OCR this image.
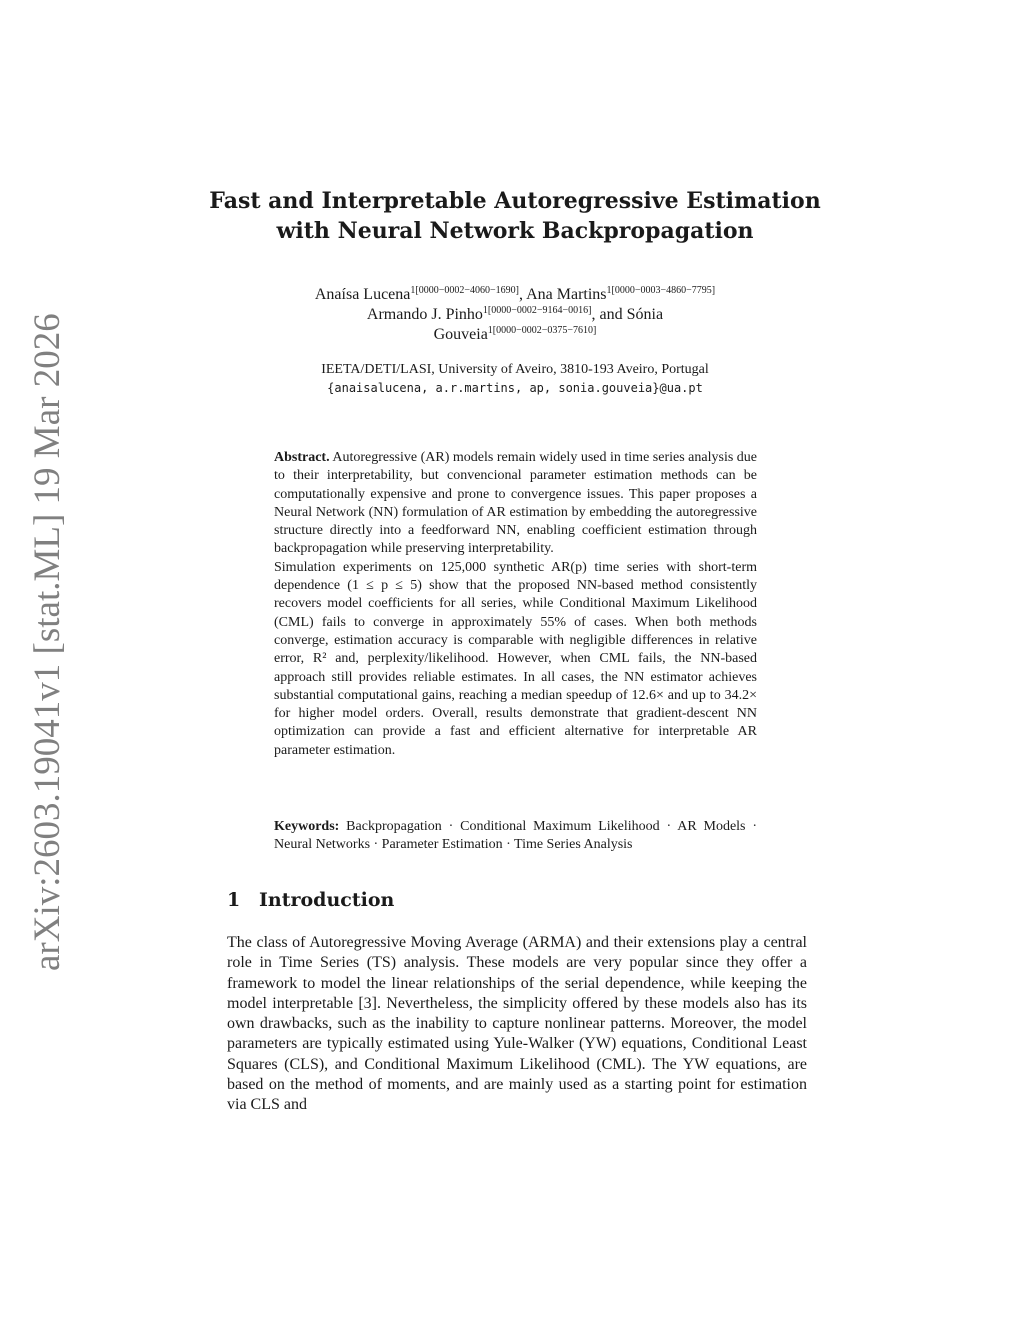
arXiv:2603.19041v1 [stat.ML] 19 Mar 2026
Fast and Interpretable Autoregressive Estimation
with Neural Network Backpropagation
Anaísa Lucena$^{1[0000-0002-4060-1690]}$, Ana Martins$^{1[0000-0003-4860-7795]}$
Armando J. Pinho$^{1[0000-0002-9164-0016]}$, and Sónia
Gouveia$^{1[0000-0002-0375-7610]}$
IEETA/DETI/LASI, University of Aveiro, 3810-193 Aveiro, Portugal
{anaisalucena, a.r.martins, ap, sonia.gouveia}@ua.pt

Abstract. Autoregressive (AR) models remain widely used in time series analysis due to their interpretability, but convencional parameter estimation methods can be computationally expensive and prone to convergence issues. This paper proposes a Neural Network (NN) formulation of AR estimation by embedding the autoregressive structure directly into a feedforward NN, enabling coefficient estimation through backpropagation while preserving interpretability.

Simulation experiments on 125,000 synthetic AR(p) time series with short-term dependence (1 ≤ p ≤ 5) show that the proposed NN-based method consistently recovers model coefficients for all series, while Conditional Maximum Likelihood (CML) fails to converge in approximately 55% of cases. When both methods converge, estimation accuracy is comparable with negligible differences in relative error, R² and, perplexity/likelihood. However, when CML fails, the NN-based approach still provides reliable estimates. In all cases, the NN estimator achieves substantial computational gains, reaching a median speedup of 12.6× and up to 34.2× for higher model orders. Overall, results demonstrate that gradient-descent NN optimization can provide a fast and efficient alternative for interpretable AR parameter estimation.

Keywords: Backpropagation · Conditional Maximum Likelihood · AR Models · Neural Networks · Parameter Estimation · Time Series Analysis
1 Introduction

The class of Autoregressive Moving Average (ARMA) and their extensions play a central role in Time Series (TS) analysis. These models are very popular since they offer a framework to model the linear relationships of the serial dependence, while keeping the model interpretable [3]. Nevertheless, the simplicity offered by these models also has its own drawbacks, such as the inability to capture nonlinear patterns. Moreover, the model parameters are typically estimated using Yule-Walker (YW) equations, Conditional Least Squares (CLS), and Conditional Maximum Likelihood (CML). The YW equations, are based on the method of moments, and are mainly used as a starting point for estimation via CLS and
